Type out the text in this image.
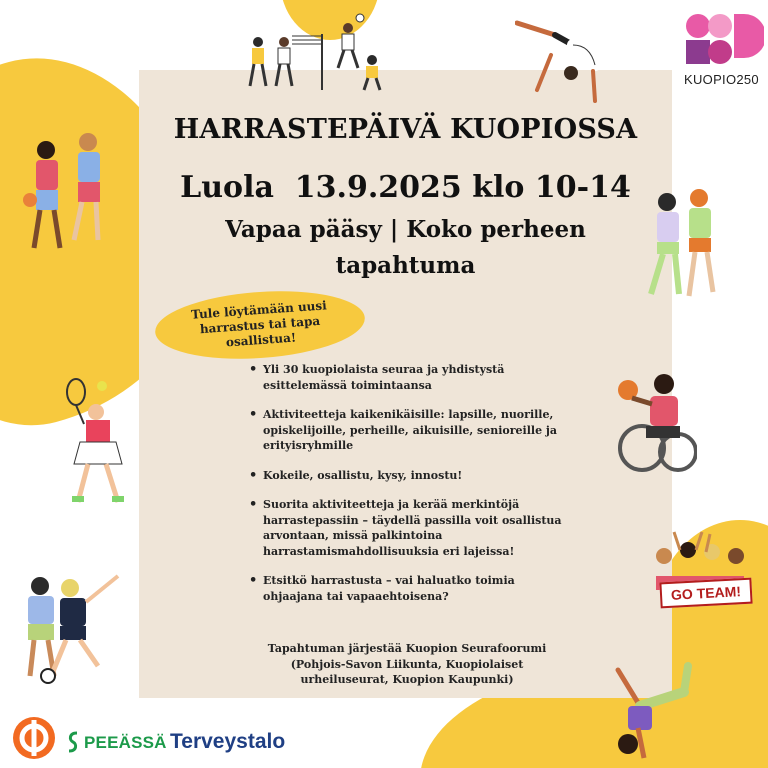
HARRASTEPÄIVÄ KUOPIOSSA
Luola  13.9.2025 klo 10-14
Vapaa pääsy | Koko perheen tapahtuma
Tule löytämään uusi harrastus tai tapa osallistua!
• Yli 30 kuopiolaista seuraa ja yhdistystä esittelemässä toimintaansa
• Aktiviteetteja kaikenikäisille: lapsille, nuorille, opiskelijoille, perheille, aikuisille, senioreille ja erityisryhmille
• Kokeile, osallistu, kysy, innostu!
• Suorita aktiviteetteja ja kerää merkintöjä harrastepassiin – täydellä passilla voit osallistua arvontaan, missä palkintoina harrastamismahdollisuuksia eri lajeissa!
• Etsitkö harrastusta – vai haluatko toimia ohjaajana tai vapaaehtoisena?
Tapahtuman järjestää Kuopion Seurafoorumi (Pohjois-Savon Liikunta, Kuopiolaiset urheiluseurat, Kuopion Kaupunki)
KUOPIO250
PEEÄSSÄ Terveystalo
GO TEAM!
